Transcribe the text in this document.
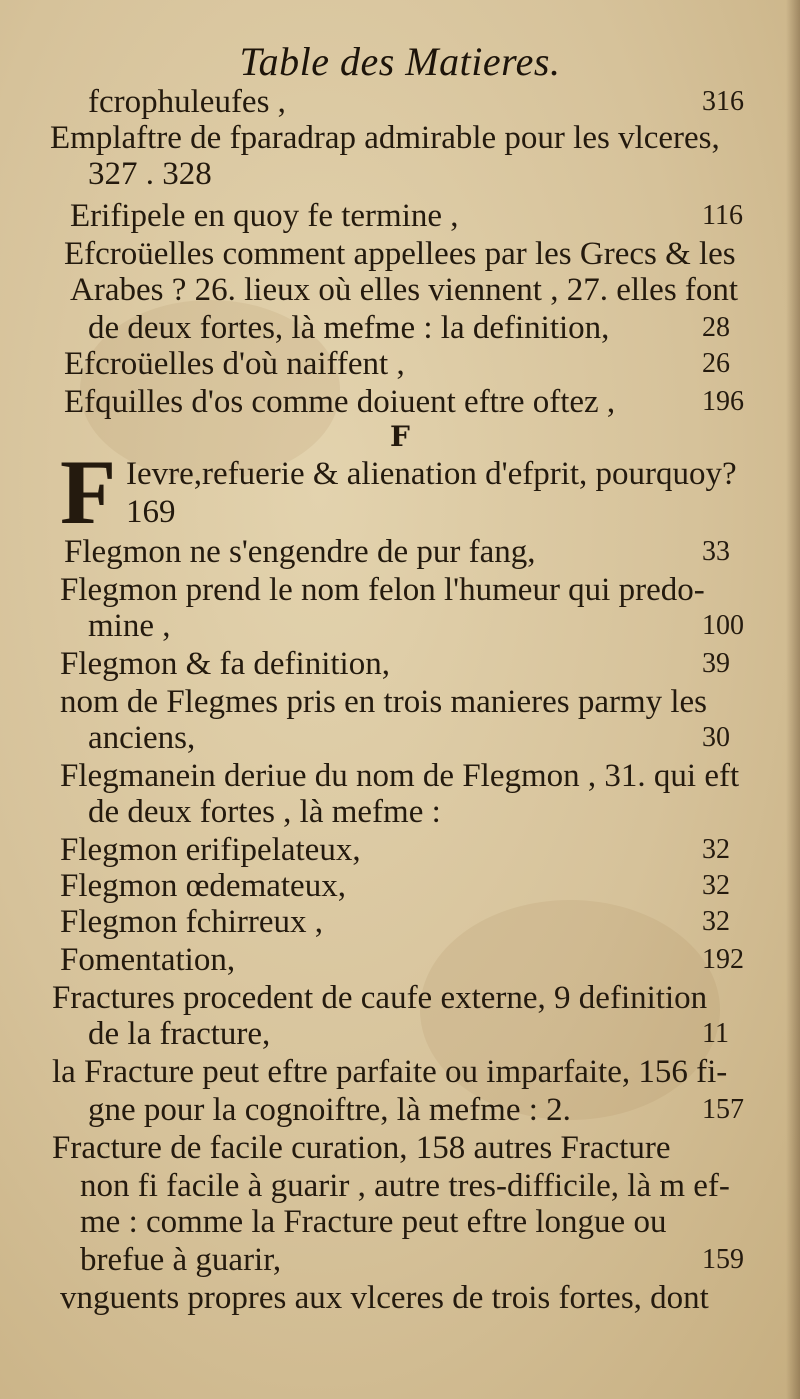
Table des Matieres.
F
F
fcrophuleufes ,	316
Emplaftre de fparadrap admirable pour les vlceres,
327 . 328
Erifipele en quoy fe termine ,	116
Efcroüelles comment appellees par les Grecs & les
Arabes ? 26. lieux où elles viennent , 27. elles font
de deux fortes, là mefme : la definition,	28
Efcroüelles d'où naiffent ,	26
Efquilles d'os comme doiuent eftre oftez ,	196
Ievre,refuerie & alienation d'efprit, pourquoy?
169
Flegmon ne s'engendre de pur fang,	33
Flegmon prend le nom felon l'humeur qui predo-
mine ,	100
Flegmon & fa definition,	39
nom de Flegmes pris en trois manieres parmy les
anciens,	30
Flegmanein deriue du nom de Flegmon , 31. qui eft
de deux fortes , là mefme :
Flegmon erifipelateux,	32
Flegmon œdemateux,	32
Flegmon fchirreux ,	32
Fomentation,	192
Fractures procedent de caufe externe, 9 definition
de la fracture,	11
la Fracture peut eftre parfaite ou imparfaite, 156 fi-
gne pour la cognoiftre, là mefme : 2.	157
Fracture de facile curation, 158 autres Fracture
non fi facile à guarir , autre tres-difficile, là m ef-
me : comme la Fracture peut eftre longue ou
brefue à guarir,	159
vnguents propres aux vlceres de trois fortes, dont
